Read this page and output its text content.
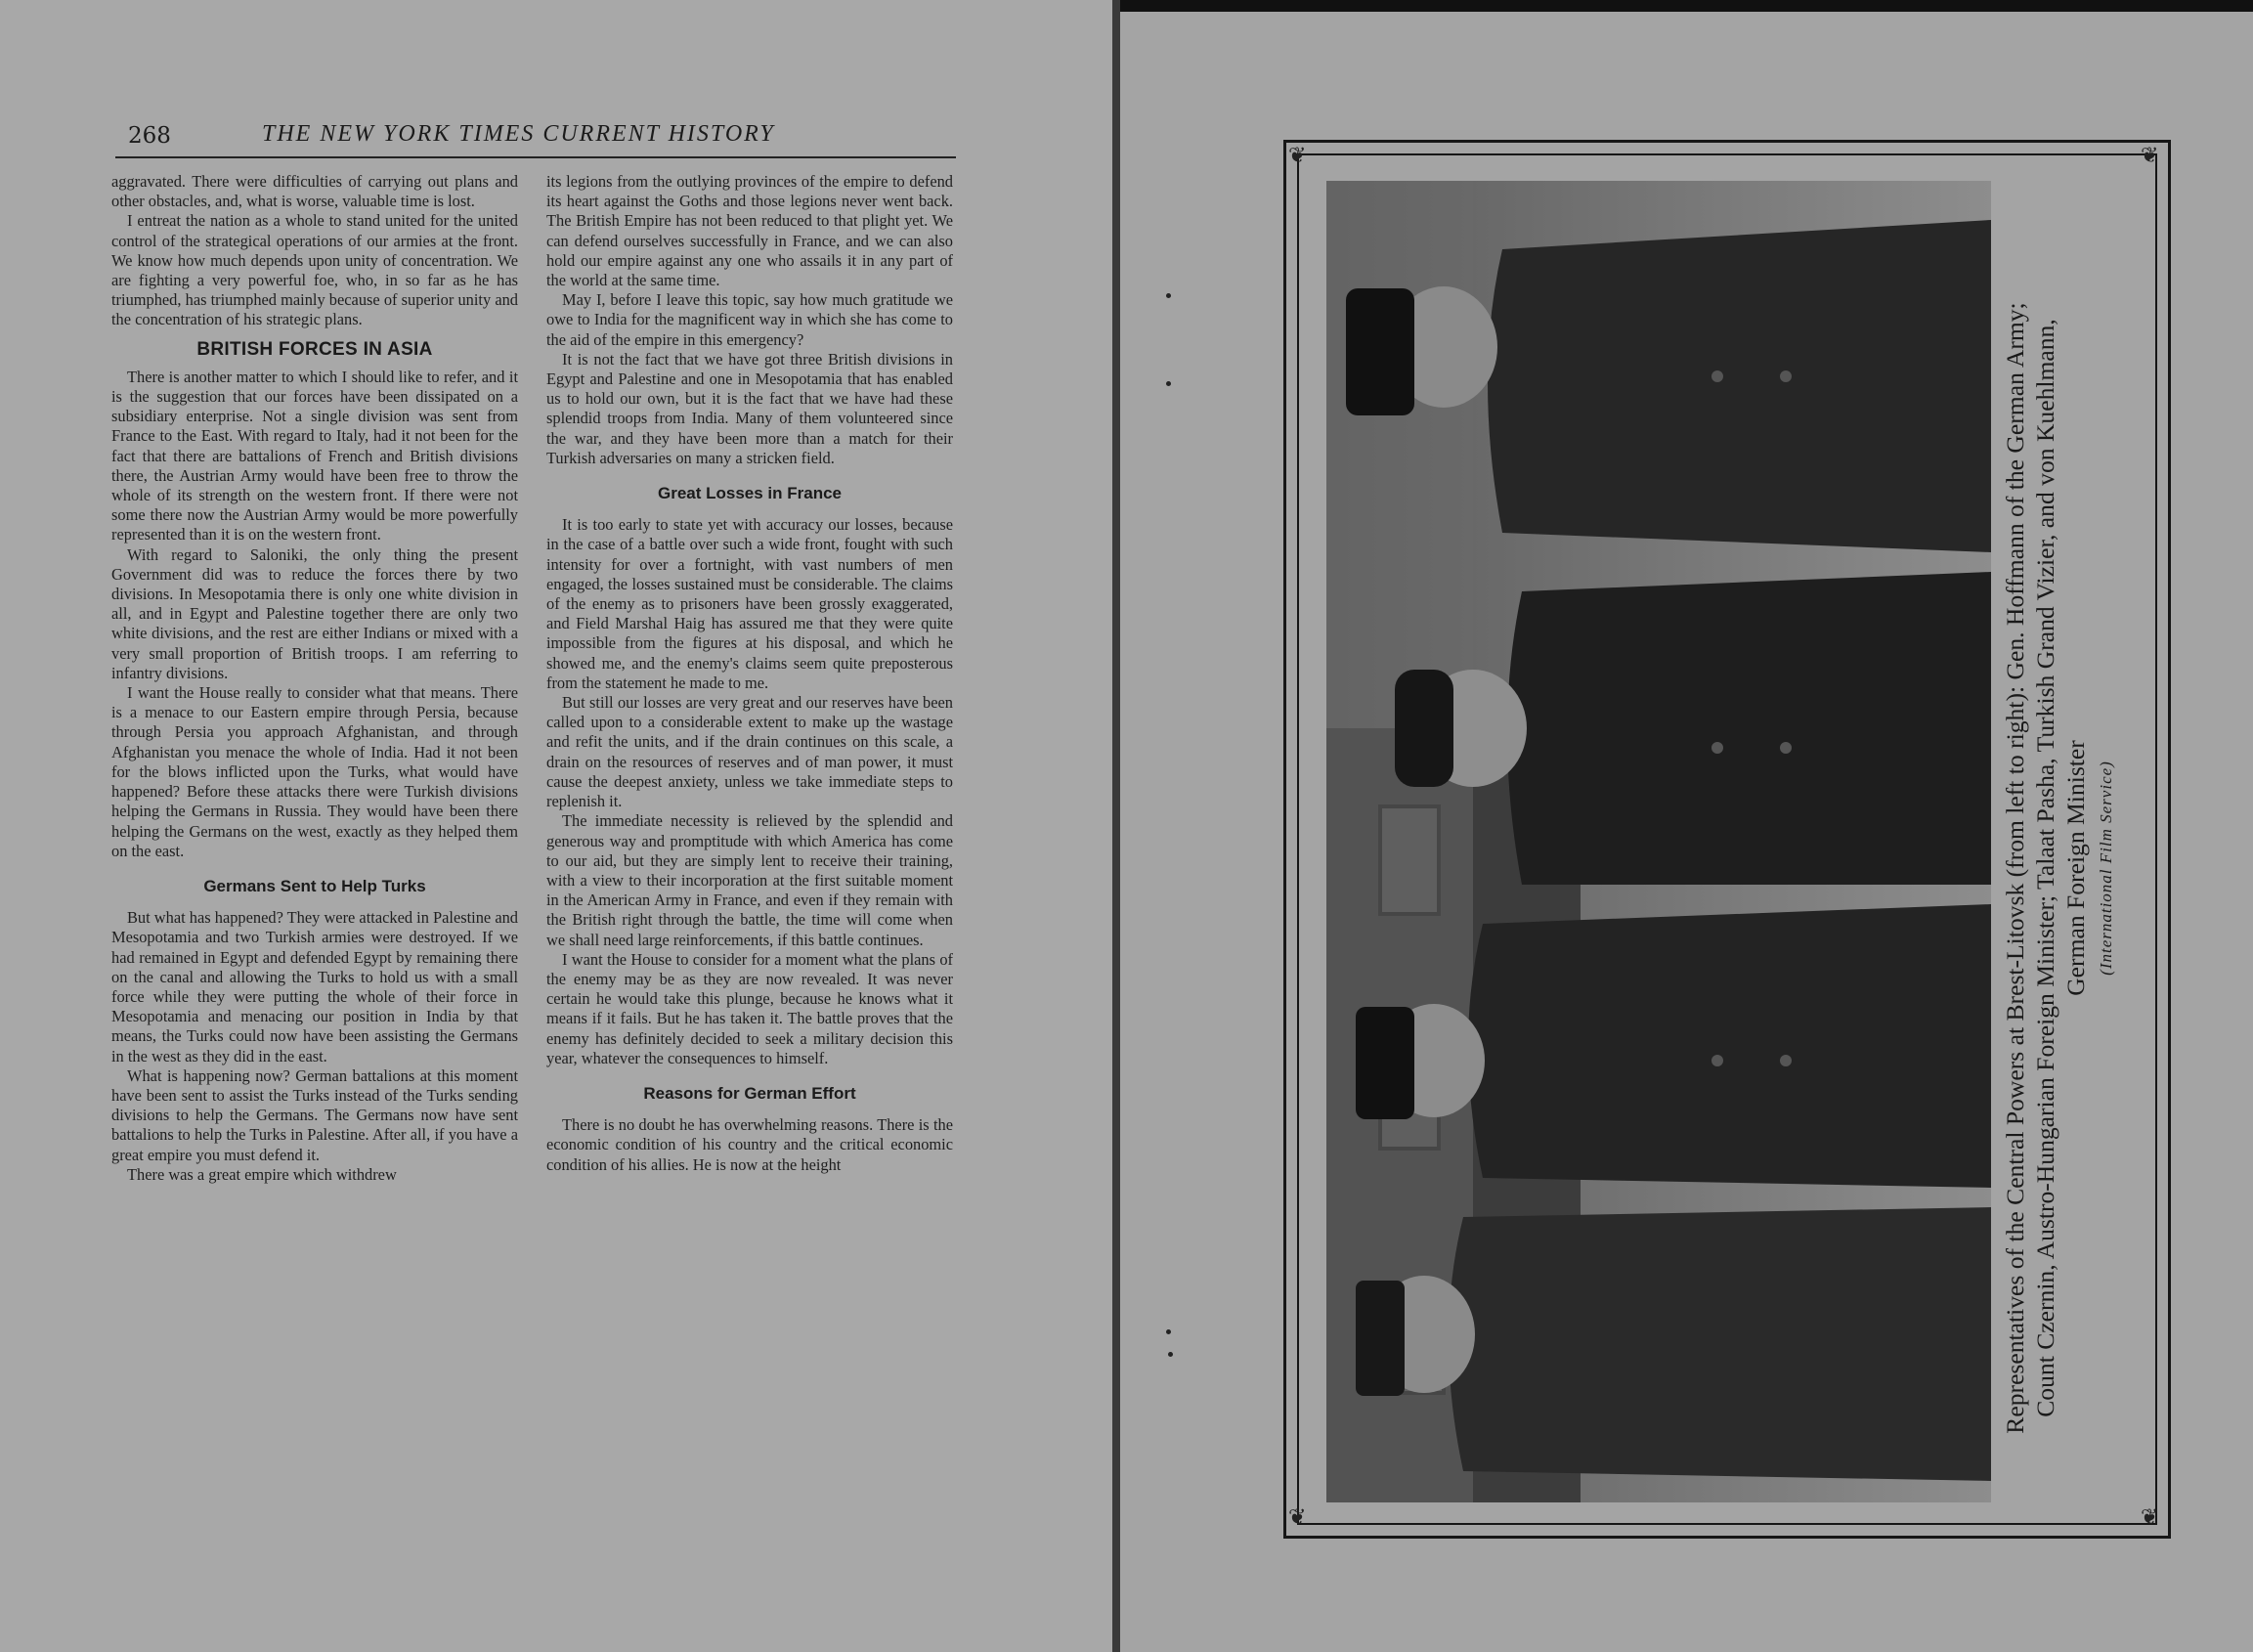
268	THE NEW YORK TIMES CURRENT HISTORY

aggravated. There were difficulties of carrying out plans and other obstacles, and, what is worse, valuable time is lost.

I entreat the nation as a whole to stand united for the united control of the strategical operations of our armies at the front. We know how much depends upon unity of concentration. We are fighting a very powerful foe, who, in so far as he has triumphed, has triumphed mainly because of superior unity and the concentration of his strategic plans.

BRITISH FORCES IN ASIA

There is another matter to which I should like to refer, and it is the suggestion that our forces have been dissipated on a subsidiary enterprise. Not a single division was sent from France to the East. With regard to Italy, had it not been for the fact that there are battalions of French and British divisions there, the Austrian Army would have been free to throw the whole of its strength on the western front. If there were not some there now the Austrian Army would be more powerfully represented than it is on the western front.

With regard to Saloniki, the only thing the present Government did was to reduce the forces there by two divisions. In Mesopotamia there is only one white division in all, and in Egypt and Palestine together there are only two white divisions, and the rest are either Indians or mixed with a very small proportion of British troops. I am referring to infantry divisions.

I want the House really to consider what that means. There is a menace to our Eastern empire through Persia, because through Persia you approach Afghanistan, and through Afghanistan you menace the whole of India. Had it not been for the blows inflicted upon the Turks, what would have happened? Before these attacks there were Turkish divisions helping the Germans in Russia. They would have been there helping the Germans on the west, exactly as they helped them on the east.

Germans Sent to Help Turks

But what has happened? They were attacked in Palestine and Mesopotamia and two Turkish armies were destroyed. If we had remained in Egypt and defended Egypt by remaining there on the canal and allowing the Turks to hold us with a small force while they were putting the whole of their force in Mesopotamia and menacing our position in India by that means, the Turks could now have been assisting the Germans in the west as they did in the east.

What is happening now? German battalions at this moment have been sent to assist the Turks instead of the Turks sending divisions to help the Germans. The Germans now have sent battalions to help the Turks in Palestine. After all, if you have a great empire you must defend it.

There was a great empire which withdrew

its legions from the outlying provinces of the empire to defend its heart against the Goths and those legions never went back. The British Empire has not been reduced to that plight yet. We can defend ourselves successfully in France, and we can also hold our empire against any one who assails it in any part of the world at the same time.

May I, before I leave this topic, say how much gratitude we owe to India for the magnificent way in which she has come to the aid of the empire in this emergency?

It is not the fact that we have got three British divisions in Egypt and Palestine and one in Mesopotamia that has enabled us to hold our own, but it is the fact that we have had these splendid troops from India. Many of them volunteered since the war, and they have been more than a match for their Turkish adversaries on many a stricken field.

Great Losses in France

It is too early to state yet with accuracy our losses, because in the case of a battle over such a wide front, fought with such intensity for over a fortnight, with vast numbers of men engaged, the losses sustained must be considerable. The claims of the enemy as to prisoners have been grossly exaggerated, and Field Marshal Haig has assured me that they were quite impossible from the figures at his disposal, and which he showed me, and the enemy's claims seem quite preposterous from the statement he made to me.

But still our losses are very great and our reserves have been called upon to a considerable extent to make up the wastage and refit the units, and if the drain continues on this scale, a drain on the resources of reserves and of man power, it must cause the deepest anxiety, unless we take immediate steps to replenish it.

The immediate necessity is relieved by the splendid and generous way and promptitude with which America has come to our aid, but they are simply lent to receive their training, with a view to their incorporation at the first suitable moment in the American Army in France, and even if they remain with the British right through the battle, the time will come when we shall need large reinforcements, if this battle continues.

I want the House to consider for a moment what the plans of the enemy may be as they are now revealed. It was never certain he would take this plunge, because he knows what it means if it fails. But he has taken it. The battle proves that the enemy has definitely decided to seek a military decision this year, whatever the consequences to himself.

Reasons for German Effort

There is no doubt he has overwhelming reasons. There is the economic condition of his country and the critical economic condition of his allies. He is now at the height

❦	❦
❦	❦
Representatives of the Central Powers at Brest-Litovsk (from left to right): Gen. Hoffmann of the German Army; Count Czernin, Austro-Hungarian Foreign Minister; Talaat Pasha, Turkish Grand Vizier, and von Kuehlmann, German Foreign Minister (International Film Service)
